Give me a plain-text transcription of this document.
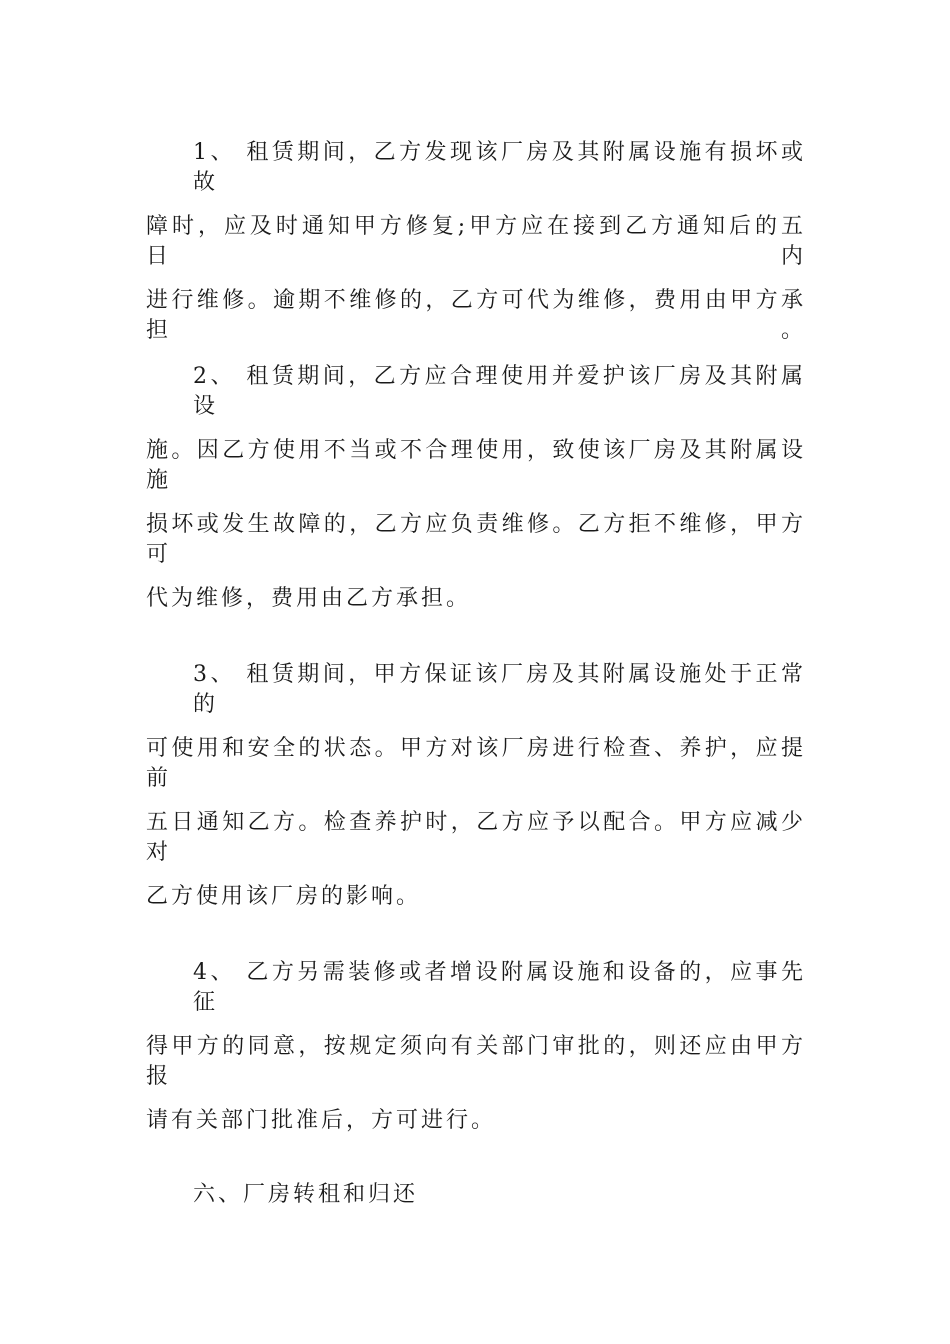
1、 租赁期间，乙方发现该厂房及其附属设施有损坏或故
障时，应及时通知甲方修复;甲方应在接到乙方通知后的五日内
进行维修。逾期不维修的，乙方可代为维修，费用由甲方承担。
2、 租赁期间，乙方应合理使用并爱护该厂房及其附属设
施。因乙方使用不当或不合理使用，致使该厂房及其附属设施
损坏或发生故障的，乙方应负责维修。乙方拒不维修，甲方可
代为维修，费用由乙方承担。
3、 租赁期间，甲方保证该厂房及其附属设施处于正常的
可使用和安全的状态。甲方对该厂房进行检查、养护，应提前
五日通知乙方。检查养护时，乙方应予以配合。甲方应减少对
乙方使用该厂房的影响。
4、 乙方另需装修或者增设附属设施和设备的，应事先征
得甲方的同意，按规定须向有关部门审批的，则还应由甲方报
请有关部门批准后，方可进行。
六、厂房转租和归还
